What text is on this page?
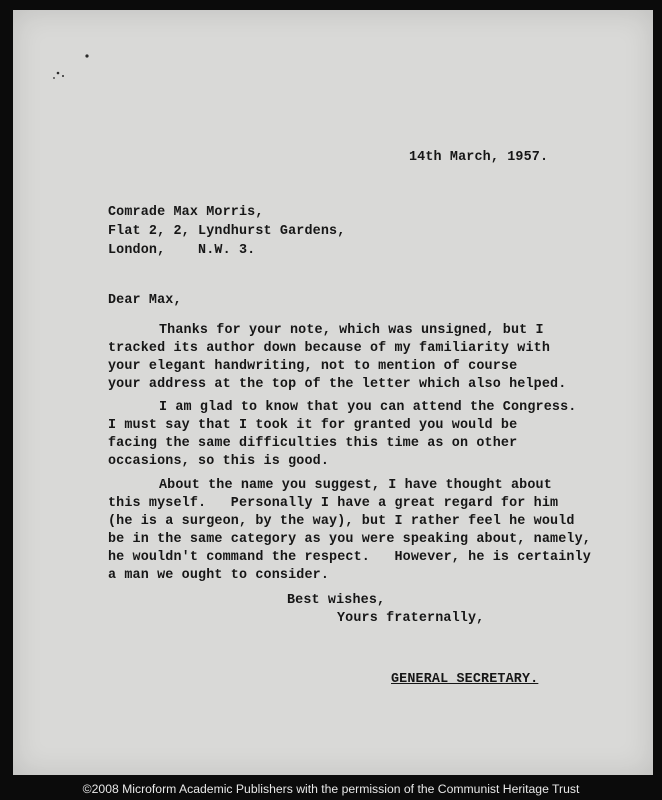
14th March, 1957.
Comrade Max Morris,
Flat 2, 2, Lyndhurst Gardens,
London,    N.W. 3.
Dear Max,
Thanks for your note, which was unsigned, but I
tracked its author down because of my familiarity with
your elegant handwriting, not to mention of course
your address at the top of the letter which also helped.
I am glad to know that you can attend the Congress.
I must say that I took it for granted you would be
facing the same difficulties this time as on other
occasions, so this is good.
About the name you suggest, I have thought about
this myself.   Personally I have a great regard for him
(he is a surgeon, by the way), but I rather feel he would
be in the same category as you were speaking about, namely,
he wouldn't command the respect.   However, he is certainly
a man we ought to consider.
Best wishes,
Yours fraternally,
GENERAL SECRETARY.
©2008 Microform Academic Publishers with the permission of the Communist Heritage Trust
